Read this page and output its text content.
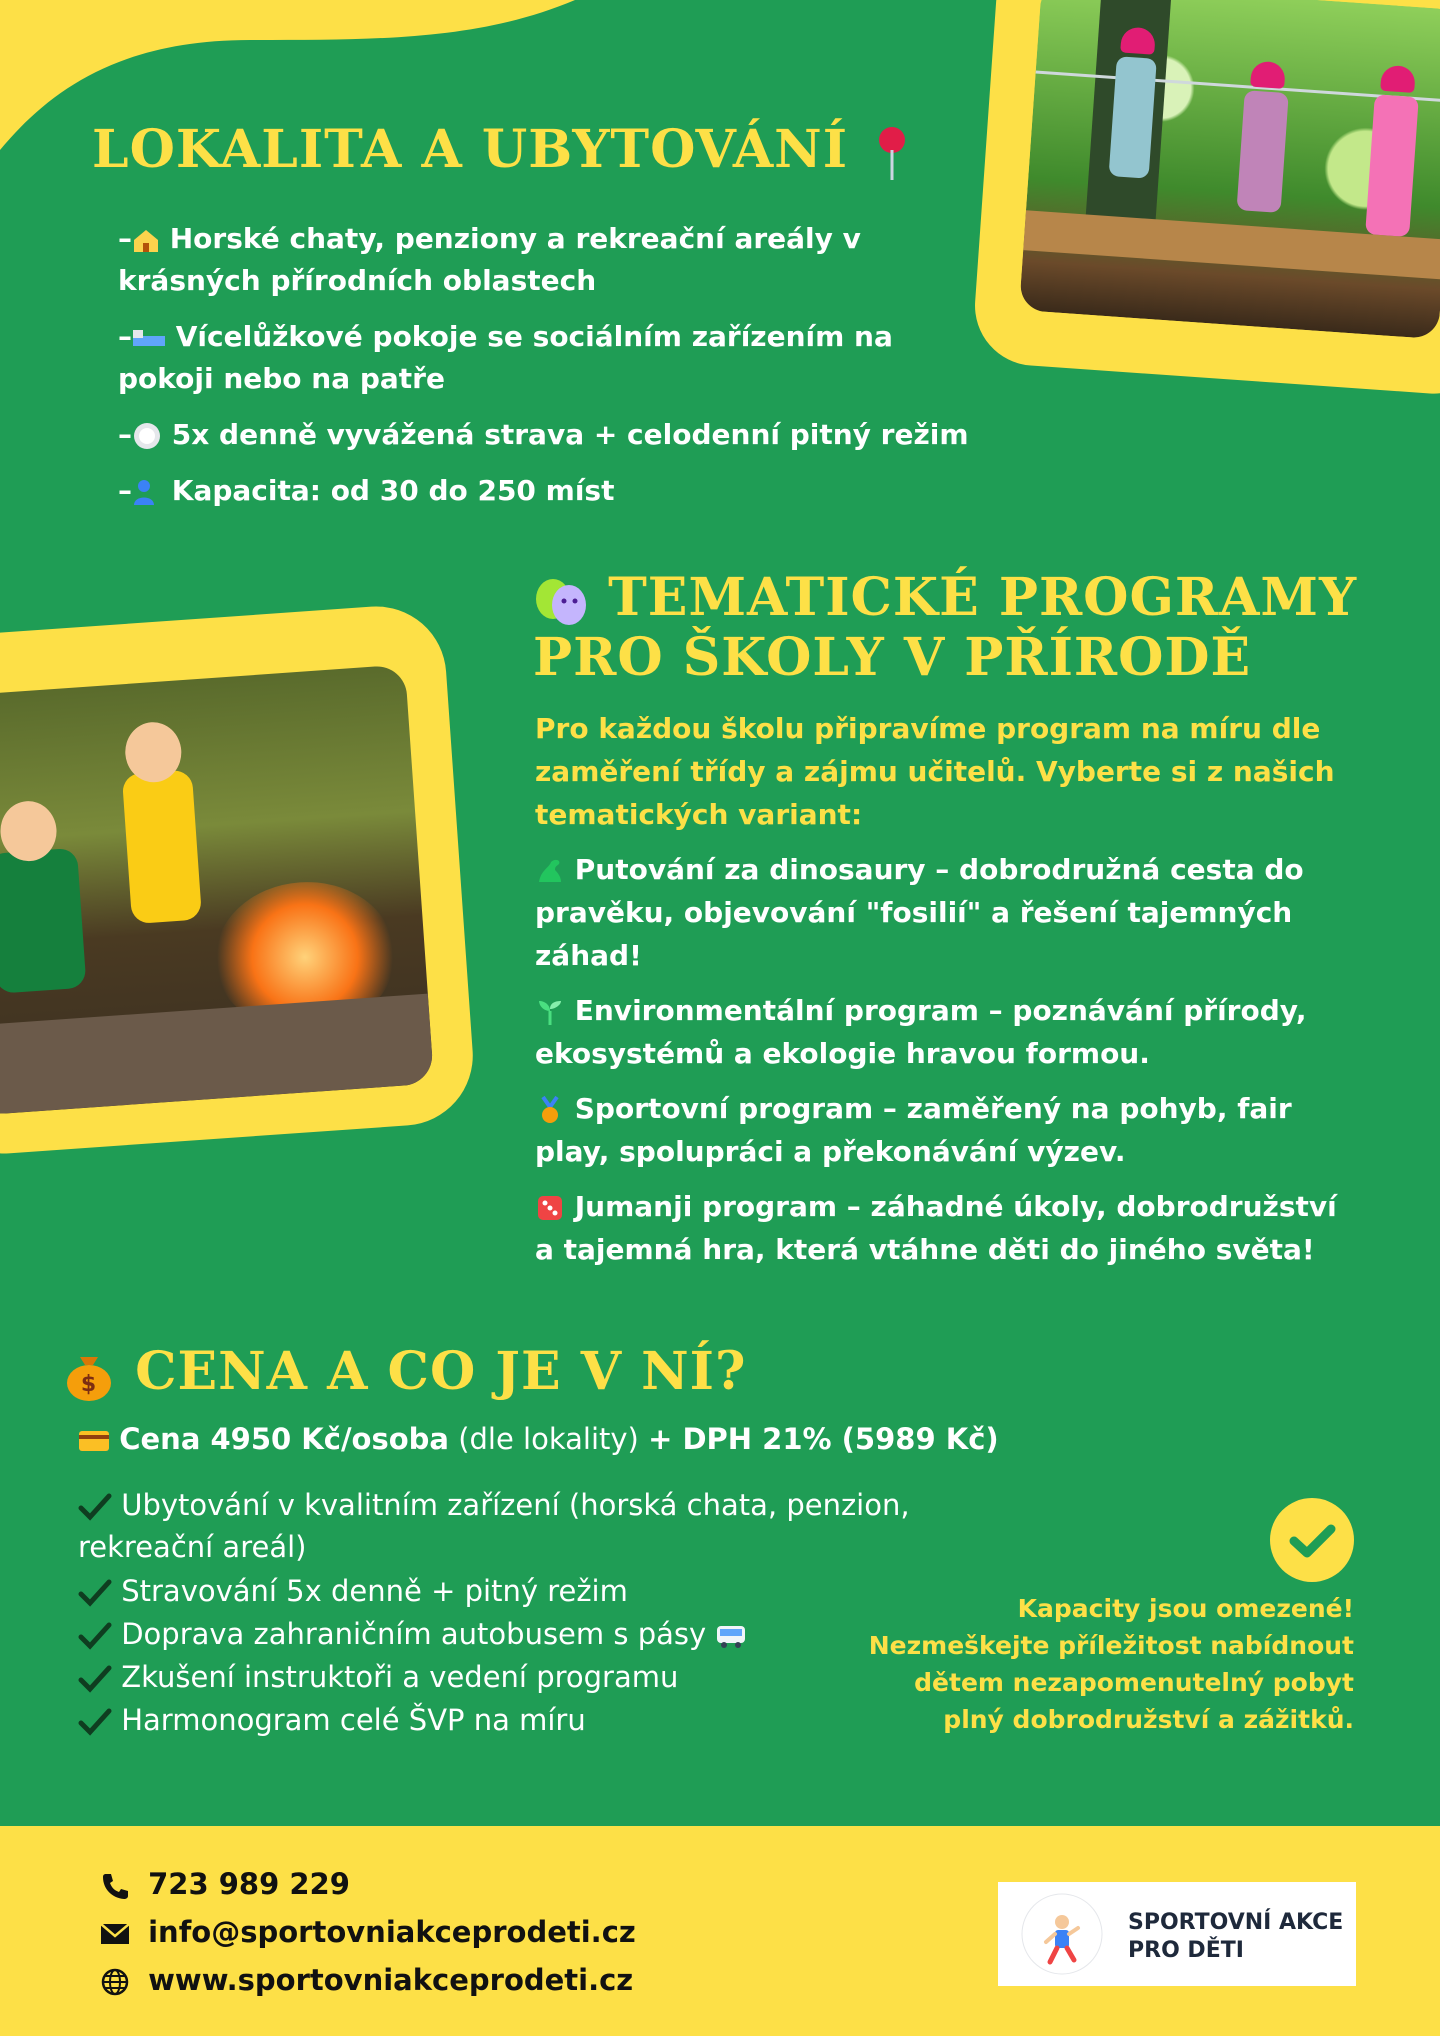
LOKALITA A UBYTOVÁNÍ
– Horské chaty, penziony a rekreační areály v
krásných přírodních oblastech
– Vícelůžkové pokoje se sociálním zařízením na
pokoji nebo na patře
– 5x denně vyvážená strava + celodenní pitný režim
– Kapacita: od 30 do 250 míst
TEMATICKÉ PROGRAMY
PRO ŠKOLY V PŘÍRODĚ
Pro každou školu připravíme program na míru dle
zaměření třídy a zájmu učitelů. Vyberte si z našich
tematických variant:
Putování za dinosaury – dobrodružná cesta do
pravěku, objevování "fosilií" a řešení tajemných
záhad!
Environmentální program – poznávání přírody,
ekosystémů a ekologie hravou formou.
Sportovní program – zaměřený na pohyb, fair
play, spolupráci a překonávání výzev.
Jumanji program – záhadné úkoly, dobrodružství
a tajemná hra, která vtáhne děti do jiného světa!
$ CENA A CO JE V NÍ?
Cena 4950 Kč/osoba (dle lokality) + DPH 21% (5989 Kč)
Ubytování v kvalitním zařízení (horská chata, penzion,
rekreační areál)
Stravování 5x denně + pitný režim
Doprava zahraničním autobusem s pásy
Zkušení instruktoři a vedení programu
Harmonogram celé ŠVP na míru
Kapacity jsou omezené!
Nezmeškejte příležitost nabídnout
dětem nezapomenutelný pobyt
plný dobrodružství a zážitků.
723 989 229
info@sportovniakceprodeti.cz
www.sportovniakceprodeti.cz
SPORTOVNÍ AKCE
PRO DĚTI
